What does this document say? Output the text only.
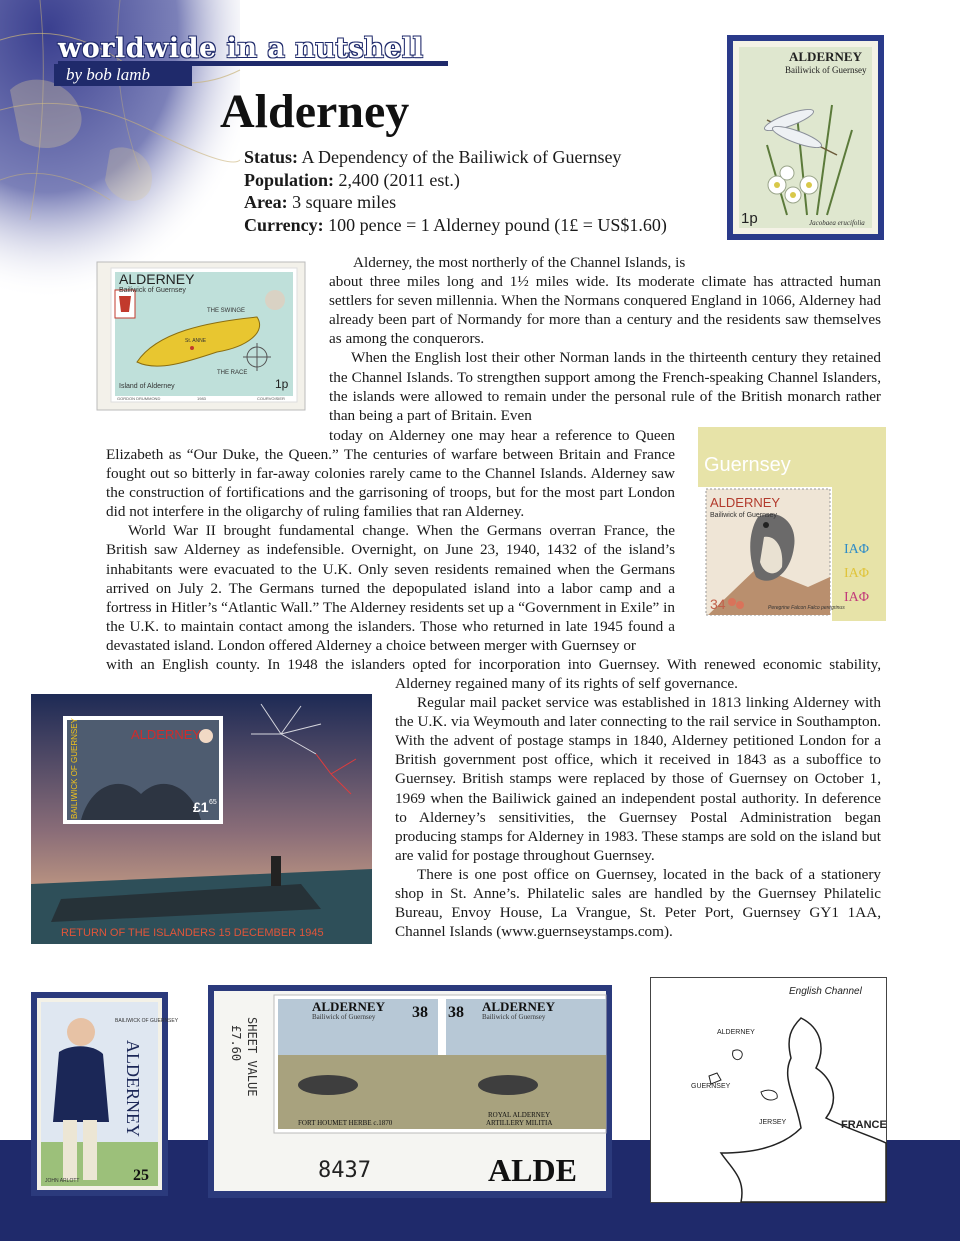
worldwide in a nutshell
by bob lamb
Alderney
Status: A Dependency of the Bailiwick of Guernsey
Population: 2,400 (2011 est.)
Area: 3 square miles
Currency: 100 pence = 1 Alderney pound (1£ = US$1.60)
ALDERNEY
Bailiwick of Guernsey
1p	Jacobaea erucifolia
ALDERNEY
Bailiwick of Guernsey
THE SWINGE
THE RACE
Island of Alderney
St. ANNE
1p
GORDON DRUMMOND	1983	COURVOISIER
Guernsey
ALDERNEY
Bailiwick of Guernsey
34	Peregrine Falcon Falco peregrinus
IAΦ
IAΦ
IAΦ
ALDERNEY
BAILIWICK OF GUERNSEY	£1 65
RETURN OF THE ISLANDERS 15 DECEMBER 1945
BAILIWICK OF GUERNSEY
ALDERNEY
25
JOHN ARLOTT
ALDERNEY
Bailiwick of Guernsey 38 38 ALDERNEY
Bailiwick of Guernsey
FORT HOUMET HERBE c.1870
ROYAL ALDERNEY
ARTILLERY MILITIA
SHEET VALUE
£7.60
8437	ALDE
English Channel
ALDERNEY
GUERNSEY
JERSEY	FRANCE

Alderney, the most northerly of the Channel Islands, is

about three miles long and 1½ miles wide. Its moderate climate has attracted human settlers for seven millennia. When the Normans conquered England in 1066, Alderney had already been part of Normandy for more than a century and the residents saw themselves as among the conquerors.

When the English lost their other Norman lands in the thirteenth century they retained the Channel Islands. To strengthen support among the French-speaking Channel Islanders, the islands were allowed to remain under the personal rule of the British monarch rather than being a part of Britain. Even

today on Alderney one may hear a reference to Queen

Elizabeth as “Our Duke, the Queen.” The centuries of warfare between Britain and France fought out so bitterly in far-away colonies rarely came to the Channel Islands. Alderney saw the construction of fortifications and the garrisoning of troops, but for the most part London did not interfere in the oligarchy of ruling families that ran Alderney.

World War II brought fundamental change. When the Germans overran France, the British saw Alderney as indefensible. Overnight, on June 23, 1940, 1432 of the island’s inhabitants were evacuated to the U.K. Only seven residents remained when the Germans arrived on July 2. The Germans turned the depopulated island into a labor camp and a fortress in Hitler’s “Atlantic Wall.” The Alderney residents set up a “Government in Exile” in the U.K. to maintain contact among the islanders. Those who returned in late 1945 found a devastated island. London offered Alderney a choice between merger with Guernsey or

with an English county. In 1948 the islanders opted for incorporation into Guernsey. With renewed economic stability,

Alderney regained many of its rights of self governance.

Regular mail packet service was established in 1813 linking Alderney with the U.K. via Weymouth and later connecting to the rail service in Southampton. With the advent of postage stamps in 1840, Alderney petitioned London for a British government post office, which it received in 1843 as a suboffice to Guernsey. British stamps were replaced by those of Guernsey on October 1, 1969 when the Bailiwick gained an independent postal authority. In deference to Alderney’s sensitivities, the Guernsey Postal Administration began producing stamps for Alderney in 1983. These stamps are sold on the island but are valid for postage throughout Guernsey.

There is one post office on Guernsey, located in the back of a stationery shop in St. Anne’s. Philatelic sales are handled by the Guernsey Philatelic Bureau, Envoy House, La Vrangue, St. Peter Port, Guernsey GY1 1AA, Channel Islands (www.guernseystamps.com).
